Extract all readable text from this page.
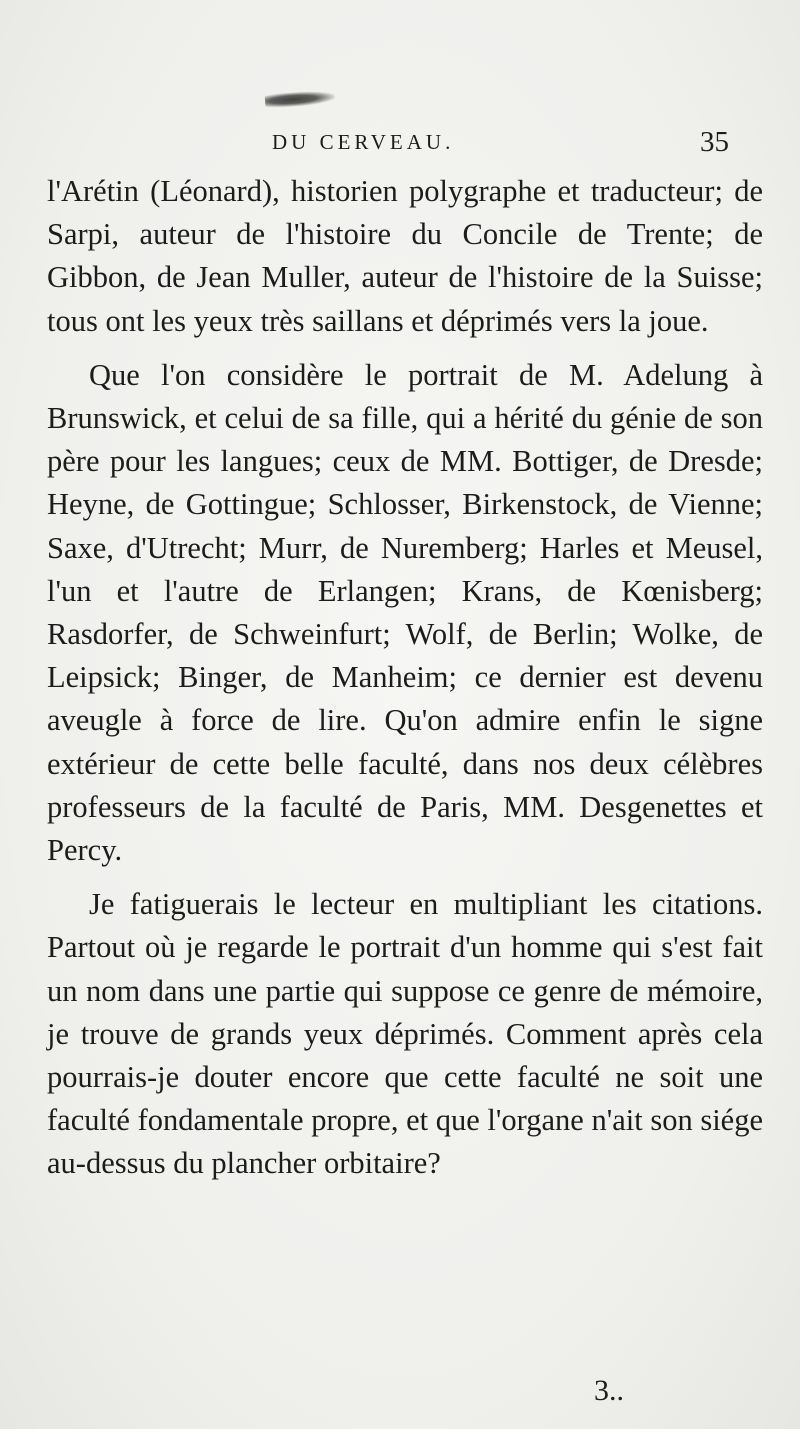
DU CERVEAU.	35

l'Arétin (Léonard), historien polygraphe et traducteur; de Sarpi, auteur de l'histoire du Concile de Trente; de Gibbon, de Jean Muller, auteur de l'histoire de la Suisse; tous ont les yeux très saillans et déprimés vers la joue.

Que l'on considère le portrait de M. Adelung à Brunswick, et celui de sa fille, qui a hérité du génie de son père pour les langues; ceux de MM. Bottiger, de Dresde; Heyne, de Gottingue; Schlosser, Birkenstock, de Vienne; Saxe, d'Utrecht; Murr, de Nuremberg; Harles et Meusel, l'un et l'autre de Erlangen; Krans, de Kœnisberg; Rasdorfer, de Schweinfurt; Wolf, de Berlin; Wolke, de Leipsick; Binger, de Manheim; ce dernier est devenu aveugle à force de lire. Qu'on admire enfin le signe extérieur de cette belle faculté, dans nos deux célèbres professeurs de la faculté de Paris, MM. Desgenettes et Percy.

Je fatiguerais le lecteur en multipliant les citations. Partout où je regarde le portrait d'un homme qui s'est fait un nom dans une partie qui suppose ce genre de mémoire, je trouve de grands yeux déprimés. Comment après cela pourrais-je douter encore que cette faculté ne soit une faculté fondamentale propre, et que l'organe n'ait son siége au-dessus du plancher orbitaire?

3..
